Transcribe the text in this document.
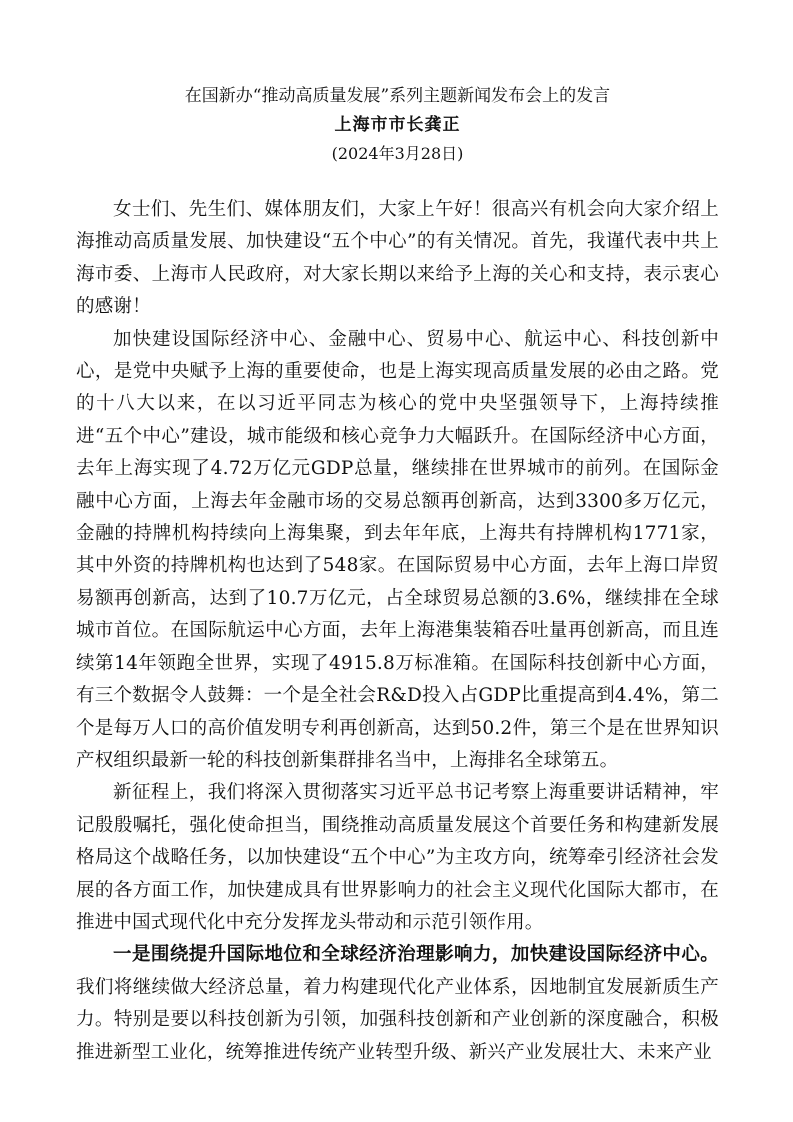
在国新办“推动高质量发展”系列主题新闻发布会上的发言
上海市市长龚正
(2024年3月28日)

女士们、先生们、媒体朋友们，大家上午好！很高兴有机会向大家介绍上海推动高质量发展、加快建设“五个中心”的有关情况。首先，我谨代表中共上海市委、上海市人民政府，对大家长期以来给予上海的关心和支持，表示衷心的感谢！

加快建设国际经济中心、金融中心、贸易中心、航运中心、科技创新中心，是党中央赋予上海的重要使命，也是上海实现高质量发展的必由之路。党的十八大以来，在以习近平同志为核心的党中央坚强领导下，上海持续推进“五个中心”建设，城市能级和核心竞争力大幅跃升。在国际经济中心方面，去年上海实现了4.72万亿元GDP总量，继续排在世界城市的前列。在国际金融中心方面，上海去年金融市场的交易总额再创新高，达到3300多万亿元，金融的持牌机构持续向上海集聚，到去年年底，上海共有持牌机构1771家，其中外资的持牌机构也达到了548家。在国际贸易中心方面，去年上海口岸贸易额再创新高，达到了10.7万亿元，占全球贸易总额的3.6%，继续排在全球城市首位。在国际航运中心方面，去年上海港集装箱吞吐量再创新高，而且连续第14年领跑全世界，实现了4915.8万标准箱。在国际科技创新中心方面，有三个数据令人鼓舞：一个是全社会R&D投入占GDP比重提高到4.4%，第二个是每万人口的高价值发明专利再创新高，达到50.2件，第三个是在世界知识产权组织最新一轮的科技创新集群排名当中，上海排名全球第五。

新征程上，我们将深入贯彻落实习近平总书记考察上海重要讲话精神，牢记殷殷嘱托，强化使命担当，围绕推动高质量发展这个首要任务和构建新发展格局这个战略任务，以加快建设“五个中心”为主攻方向，统筹牵引经济社会发展的各方面工作，加快建成具有世界影响力的社会主义现代化国际大都市，在推进中国式现代化中充分发挥龙头带动和示范引领作用。

一是围绕提升国际地位和全球经济治理影响力，加快建设国际经济中心。我们将继续做大经济总量，着力构建现代化产业体系，因地制宜发展新质生产力。特别是要以科技创新为引领，加强科技创新和产业创新的深度融合，积极推进新型工业化，统筹推进传统产业转型升级、新兴产业发展壮大、未来产业
